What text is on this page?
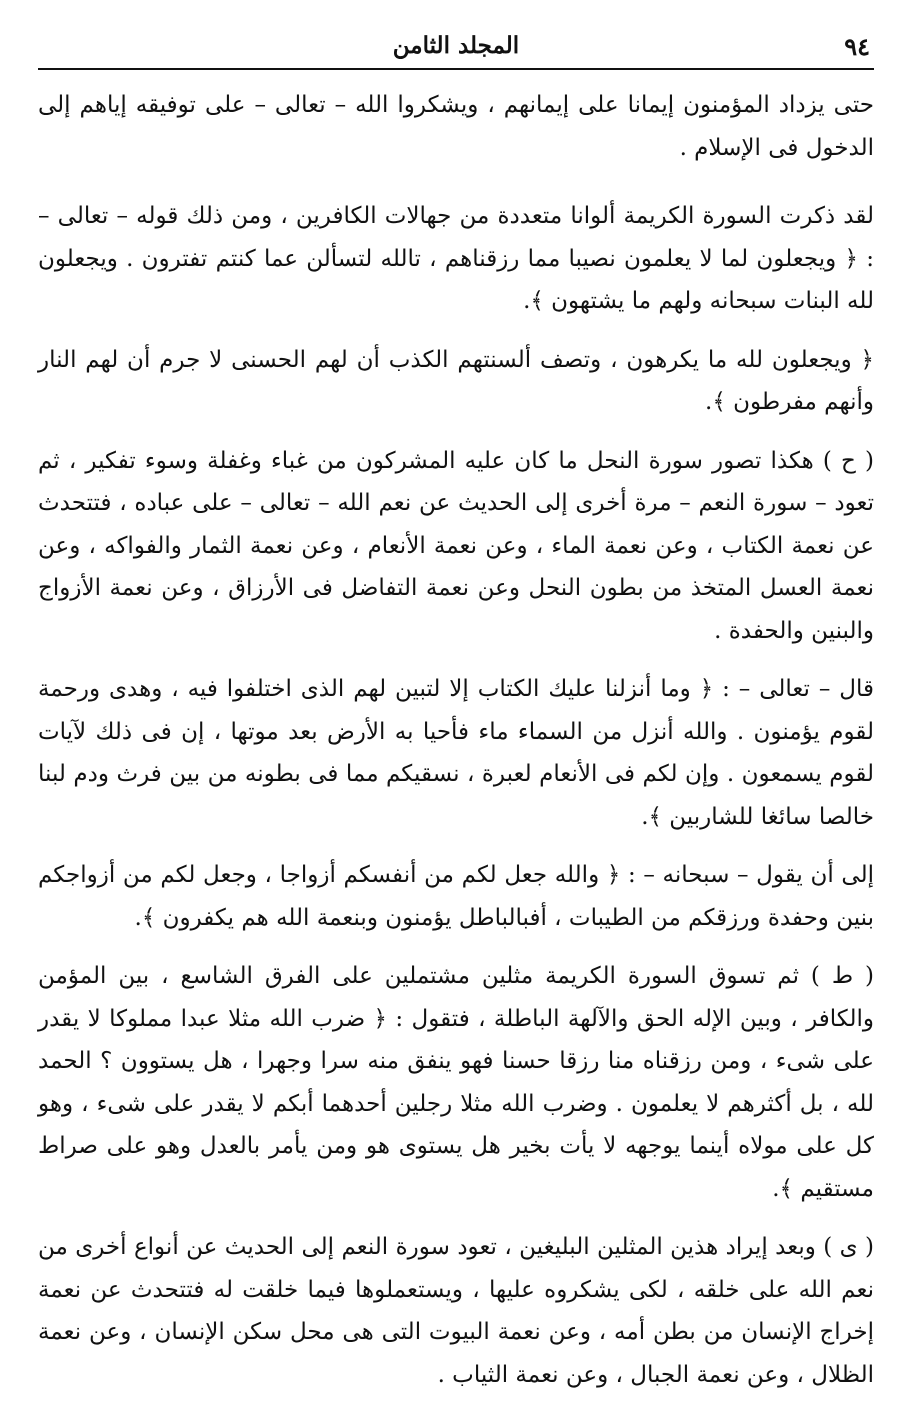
٩٤
المجلد الثامن

حتى يزداد المؤمنون إيمانا على إيمانهم ، ويشكروا الله – تعالى – على توفيقه إياهم إلى الدخول فى الإسلام .

لقد ذكرت السورة الكريمة ألوانا متعددة من جهالات الكافرين ، ومن ذلك قوله – تعالى – : ﴿ ويجعلون لما لا يعلمون نصيبا مما رزقناهم ، تالله لتسألن عما كنتم تفترون . ويجعلون لله البنات سبحانه ولهم ما يشتهون ﴾.

﴿ ويجعلون لله ما يكرهون ، وتصف ألسنتهم الكذب أن لهم الحسنى لا جرم أن لهم النار وأنهم مفرطون ﴾.

( ح ) هكذا تصور سورة النحل ما كان عليه المشركون من غباء وغفلة وسوء تفكير ، ثم تعود – سورة النعم – مرة أخرى إلى الحديث عن نعم الله – تعالى – على عباده ، فتتحدث عن نعمة الكتاب ، وعن نعمة الماء ، وعن نعمة الأنعام ، وعن نعمة الثمار والفواكه ، وعن نعمة العسل المتخذ من بطون النحل وعن نعمة التفاضل فى الأرزاق ، وعن نعمة الأزواج والبنين والحفدة .

قال – تعالى – : ﴿ وما أنزلنا عليك الكتاب إلا لتبين لهم الذى اختلفوا فيه ، وهدى ورحمة لقوم يؤمنون . والله أنزل من السماء ماء فأحيا به الأرض بعد موتها ، إن فى ذلك لآيات لقوم يسمعون . وإن لكم فى الأنعام لعبرة ، نسقيكم مما فى بطونه من بين فرث ودم لبنا خالصا سائغا للشاربين ﴾.

إلى أن يقول – سبحانه – : ﴿ والله جعل لكم من أنفسكم أزواجا ، وجعل لكم من أزواجكم بنين وحفدة ورزقكم من الطيبات ، أفبالباطل يؤمنون وبنعمة الله هم يكفرون ﴾.

( ط ) ثم تسوق السورة الكريمة مثلين مشتملين على الفرق الشاسع ، بين المؤمن والكافر ، وبين الإله الحق والآلهة الباطلة ، فتقول : ﴿ ضرب الله مثلا عبدا مملوكا لا يقدر على شىء ، ومن رزقناه منا رزقا حسنا فهو ينفق منه سرا وجهرا ، هل يستوون ؟ الحمد لله ، بل أكثرهم لا يعلمون . وضرب الله مثلا رجلين أحدهما أبكم لا يقدر على شىء ، وهو كل على مولاه أينما يوجهه لا يأت بخير هل يستوى هو ومن يأمر بالعدل وهو على صراط مستقيم ﴾.

( ى ) وبعد إيراد هذين المثلين البليغين ، تعود سورة النعم إلى الحديث عن أنواع أخرى من نعم الله على خلقه ، لكى يشكروه عليها ، ويستعملوها فيما خلقت له فتتحدث عن نعمة إخراج الإنسان من بطن أمه ، وعن نعمة البيوت التى هى محل سكن الإنسان ، وعن نعمة الظلال ، وعن نعمة الجبال ، وعن نعمة الثياب .
